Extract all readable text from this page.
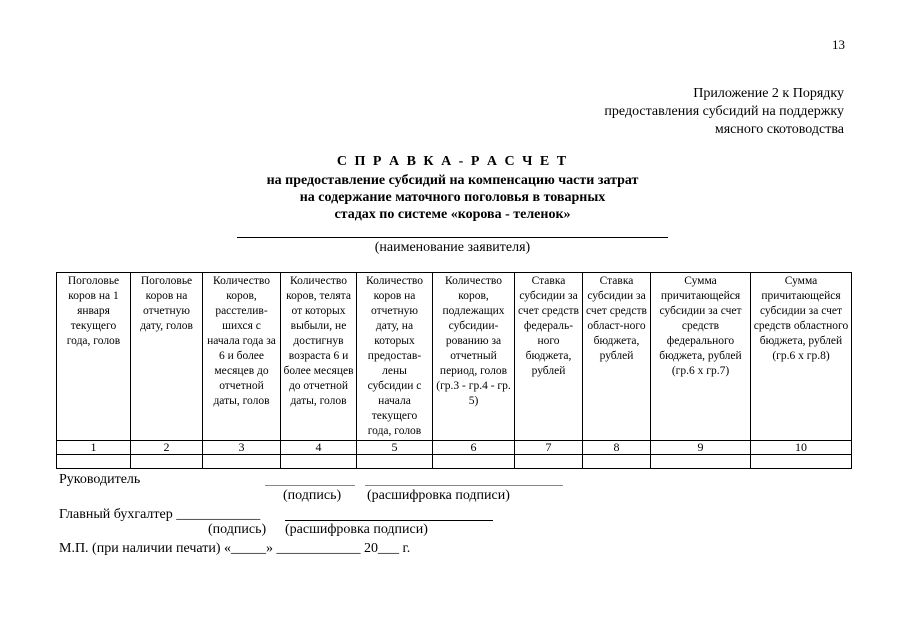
13
Приложение 2 к Порядку
предоставления субсидий на поддержку
мясного скотоводства
С П Р А В К А - Р А С Ч Е Т
на предоставление субсидий на компенсацию части затрат
на содержание маточного поголовья в товарных
стадах по системе «корова - теленок»
(наименование заявителя)
Поголовье коров на 1 января текущего года, голов	Поголовье коров на отчетную дату, голов	Количество коров, расстелив-шихся с начала года за 6 и более месяцев до отчетной даты, голов	Количество коров, телята от которых выбыли, не достигнув возраста 6 и более месяцев до отчетной даты, голов	Количество коров на отчетную дату, на которых предостав-лены субсидии с начала текущего года, голов	Количество коров, подлежащих субсидии-рованию за отчетный период, голов (гр.3 - гр.4 - гр. 5)	Ставка субсидии за счет средств федераль-ного бюджета, рублей	Ставка субсидии за счет средств област-ного бюджета, рублей	Сумма причитающейся субсидии за счет средств федерального бюджета, рублей (гр.6 x гр.7)	Сумма причитающейся субсидии за счет средств областного бюджета, рублей (гр.6 x гр.8)
1	2	3	4	5	6	7	8	9	10

Руководитель
(подпись) (расшифровка подписи)
Главный бухгалтер ____________
(подпись) (расшифровка подписи)
М.П. (при наличии печати) «_____» ____________ 20___ г.
